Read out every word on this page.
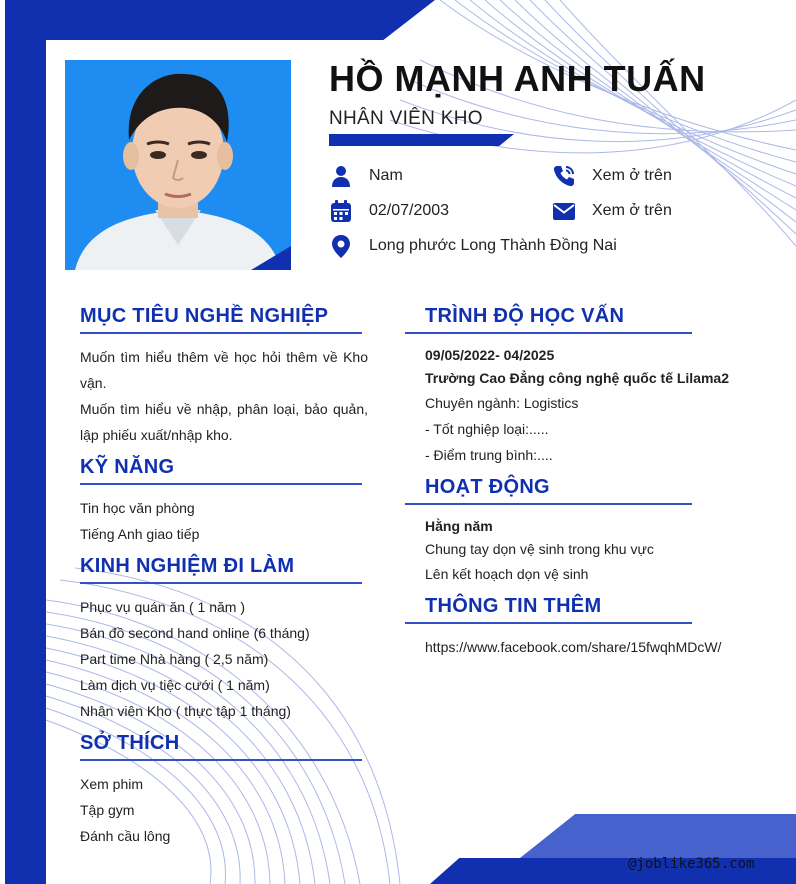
HỒ MẠNH ANH TUẤN
NHÂN VIÊN KHO
Nam
02/07/2003
Long phước Long Thành Đồng Nai
Xem ở trên
Xem ở trên
MỤC TIÊU NGHỀ NGHIỆP

Muốn tìm hiểu thêm về học hỏi thêm về Kho vận.

Muốn tìm hiểu về nhập, phân loại, bảo quản, lập phiếu xuất/nhập kho.

KỸ NĂNG

Tin học văn phòng

Tiếng Anh giao tiếp

KINH NGHIỆM ĐI LÀM

Phục vụ quán ăn ( 1 năm )

Bán đồ second hand online (6 tháng)

Part time Nhà hàng ( 2,5 năm)

Làm dịch vụ tiệc cưới ( 1 năm)

Nhân viên Kho ( thực tập 1 tháng)

SỞ THÍCH

Xem phim

Tập gym

Đánh cầu lông

TRÌNH ĐỘ HỌC VẤN

09/05/2022- 04/2025

Trường Cao Đẳng công nghệ quốc tế Lilama2

Chuyên ngành: Logistics

- Tốt nghiệp loại:.....

- Điểm trung bình:....

HOẠT ĐỘNG

Hằng năm

Chung tay dọn vệ sinh trong khu vực

Lên kết hoạch dọn vệ sinh

THÔNG TIN THÊM

https://www.facebook.com/share/15fwqhMDcW/

@joblike365.com
